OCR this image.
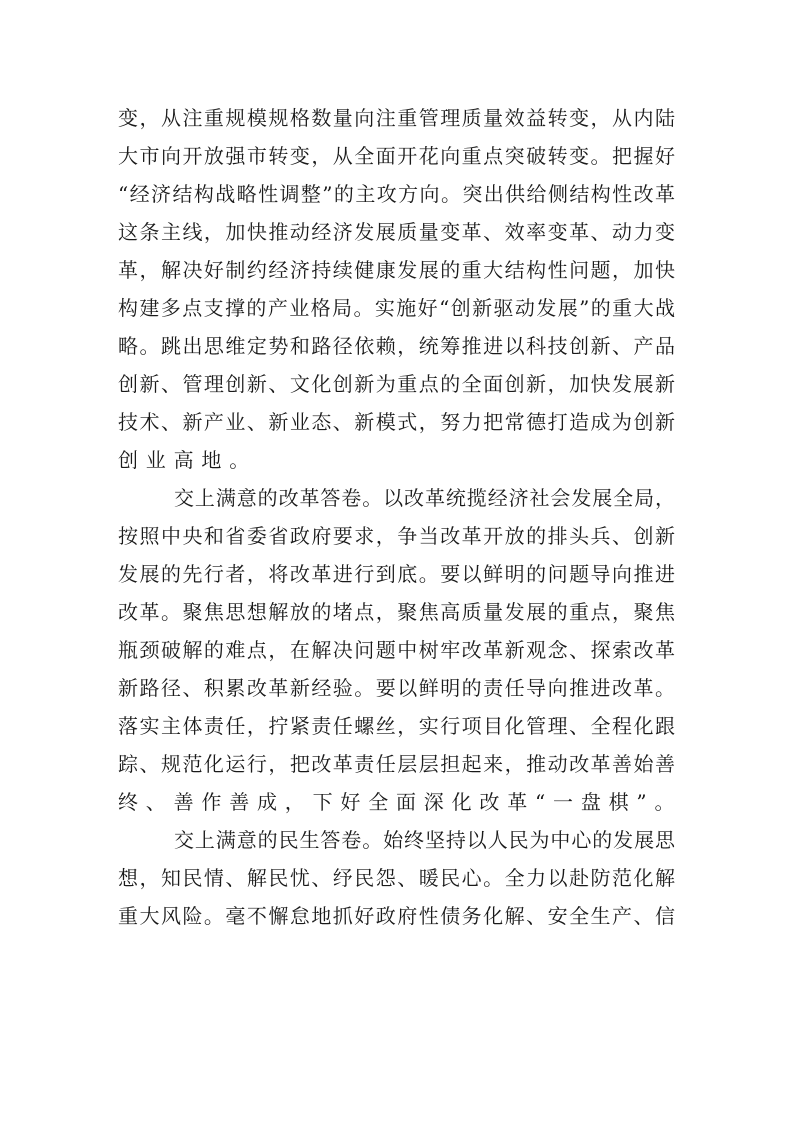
变，从注重规模规格数量向注重管理质量效益转变，从内陆
大市向开放强市转变，从全面开花向重点突破转变。把握好
“经济结构战略性调整”的主攻方向。突出供给侧结构性改革
这条主线，加快推动经济发展质量变革、效率变革、动力变
革，解决好制约经济持续健康发展的重大结构性问题，加快
构建多点支撑的产业格局。实施好“创新驱动发展”的重大战
略。跳出思维定势和路径依赖，统筹推进以科技创新、产品
创新、管理创新、文化创新为重点的全面创新，加快发展新
技术、新产业、新业态、新模式，努力把常德打造成为创新
创业高地。
交上满意的改革答卷。以改革统揽经济社会发展全局，
按照中央和省委省政府要求，争当改革开放的排头兵、创新
发展的先行者，将改革进行到底。要以鲜明的问题导向推进
改革。聚焦思想解放的堵点，聚焦高质量发展的重点，聚焦
瓶颈破解的难点，在解决问题中树牢改革新观念、探索改革
新路径、积累改革新经验。要以鲜明的责任导向推进改革。
落实主体责任，拧紧责任螺丝，实行项目化管理、全程化跟
踪、规范化运行，把改革责任层层担起来，推动改革善始善
终、善作善成，下好全面深化改革“一盘棋”。
交上满意的民生答卷。始终坚持以人民为中心的发展思
想，知民情、解民忧、纾民怨、暖民心。全力以赴防范化解
重大风险。毫不懈怠地抓好政府性债务化解、安全生产、信
